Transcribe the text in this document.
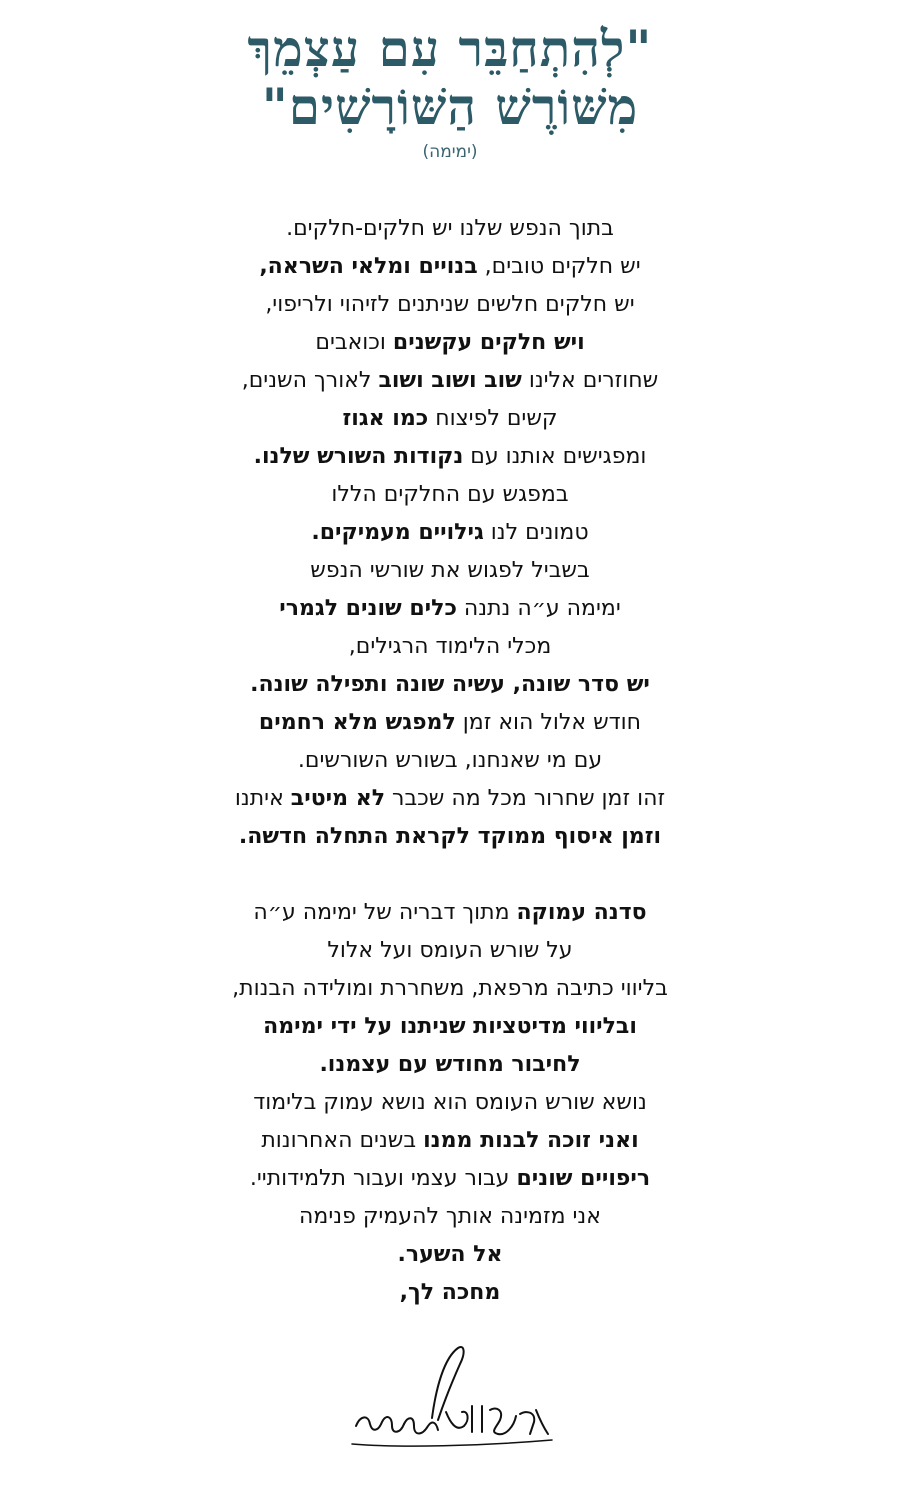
"לְהִתְחַבֵּר עִם עַצְמֵךְ
מִשּׁוֹרֶשׁ הַשּׁוֹרָשִׁים"
(ימימה)
בתוך הנפש שלנו יש חלקים-חלקים.
יש חלקים טובים, בנויים ומלאי השראה,
יש חלקים חלשים שניתנים לזיהוי ולריפוי,
ויש חלקים עקשנים וכואבים
שחוזרים אלינו שוב ושוב ושוב לאורך השנים,
קשים לפיצוח כמו אגוז
ומפגישים אותנו עם נקודות השורש שלנו.
במפגש עם החלקים הללו
טמונים לנו גילויים מעמיקים.
בשביל לפגוש את שורשי הנפש
ימימה ע״ה נתנה כלים שונים לגמרי
מכלי הלימוד הרגילים,
יש סדר שונה, עשיה שונה ותפילה שונה.
חודש אלול הוא זמן למפגש מלא רחמים
עם מי שאנחנו, בשורש השורשים.
זהו זמן שחרור מכל מה שכבר לא מיטיב איתנו
וזמן איסוף ממוקד לקראת התחלה חדשה.
סדנה עמוקה מתוך דבריה של ימימה ע״ה
על שורש העומס ועל אלול
בליווי כתיבה מרפאת, משחררת ומולידה הבנות,
ובליווי מדיטציות שניתנו על ידי ימימה
לחיבור מחודש עם עצמנו.
נושא שורש העומס הוא נושא עמוק בלימוד
ואני זוכה לבנות ממנו בשנים האחרונות
ריפויים שונים עבור עצמי ועבור תלמידותיי.
אני מזמינה אותך להעמיק פנימה
אל השער.
מחכה לך,
